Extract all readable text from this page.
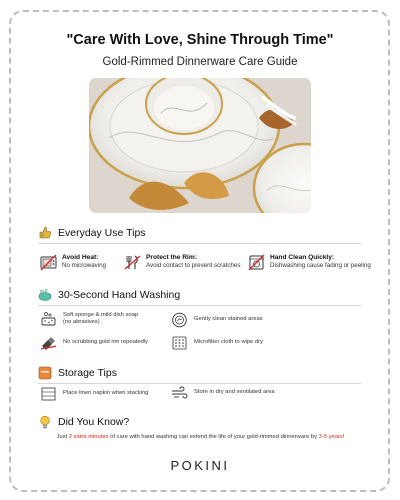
"Care With Love, Shine Through Time"
Gold-Rimmed Dinnerware Care Guide
Everyday Use Tips
Avoid Heat:
No microwaving
Protect the Rim:
Avoid contact to prevent scratches
Hand Clean Quickly:
Dishwashing cause fading or peeling
30-Second Hand Washing
Soft sponge & mild dish soap
(no abrasives)	Gently clean stained areas
No scrubbing gold rim repeatedly	Microfiber cloth to wipe dry
Storage Tips
Place linen napkin when stacking	Store in dry and ventilated area
Did You Know?
Just 2 extra minutes of care with hand washing can extend the life of your gold-rimmed dinnerware by 3-5 years!
POKINI
